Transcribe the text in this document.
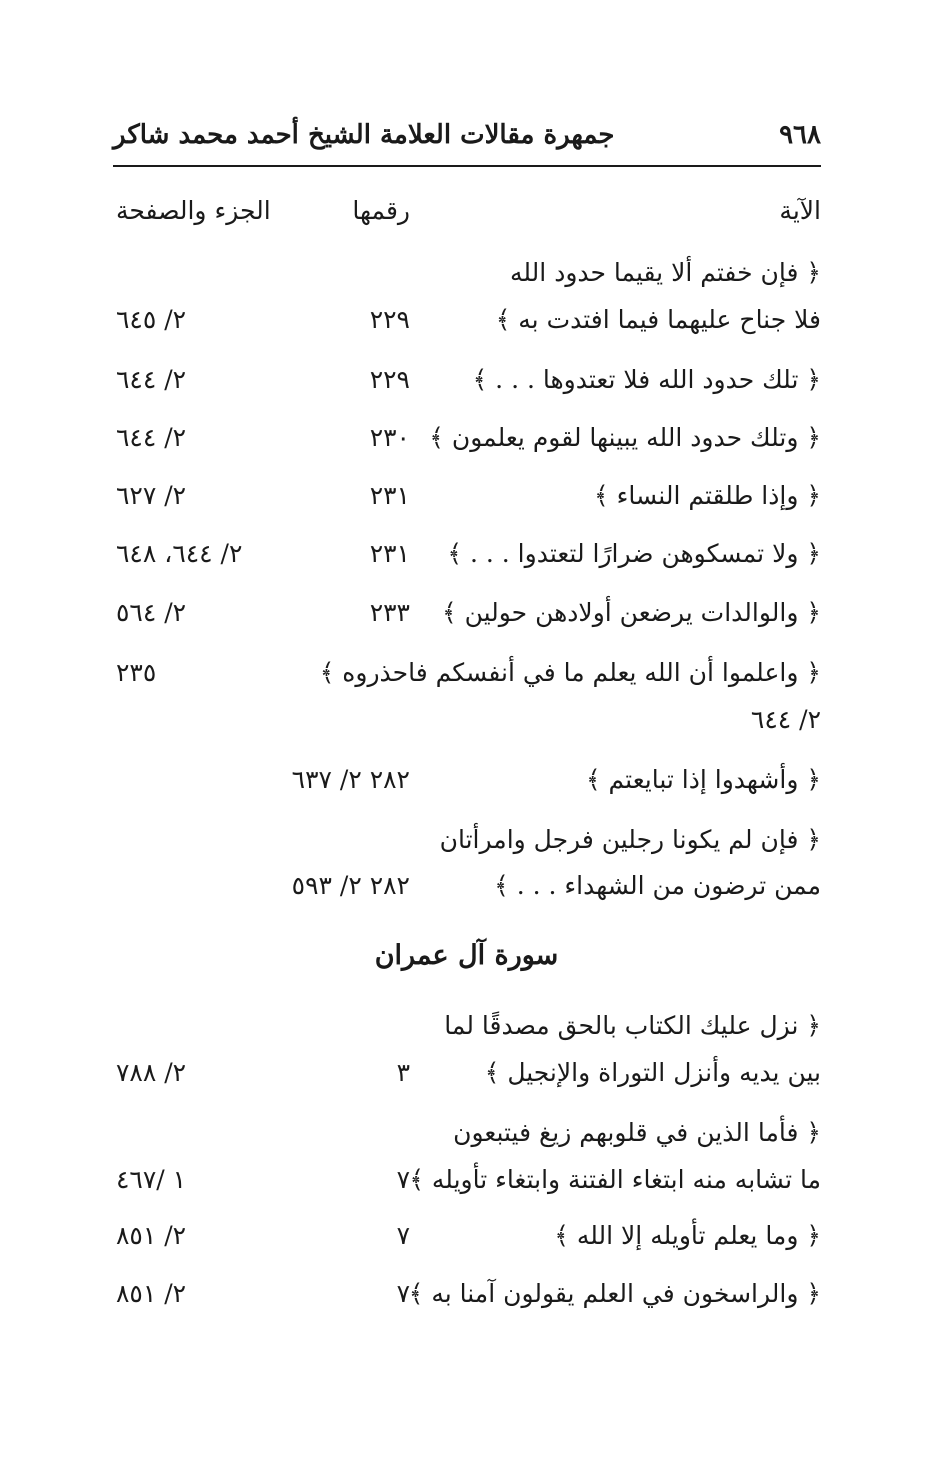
جمهرة مقالات العلامة الشيخ أحمد محمد شاكر	٩٦٨
الآية
رقمها
الجزء والصفحة
﴿ فإن خفتم ألا يقيما حدود الله
فلا جناح عليهما فيما افتدت به ﴾
٢٢٩
٢/ ٦٤٥
﴿ تلك حدود الله فلا تعتدوها . . . ﴾
٢٢٩
٢/ ٦٤٤
﴿ وتلك حدود الله يبينها لقوم يعلمون ﴾
٢٣٠
٢/ ٦٤٤
﴿ وإذا طلقتم النساء ﴾
٢٣١
٢/ ٦٢٧
﴿ ولا تمسكوهن ضرارًا لتعتدوا . . . ﴾
٢٣١
٢/ ٦٤٤، ٦٤٨
﴿ والوالدات يرضعن أولادهن حولين ﴾
٢٣٣
٢/ ٥٦٤
﴿ واعلموا أن الله يعلم ما في أنفسكم فاحذروه ﴾
٢٣٥
٢/ ٦٤٤
﴿ وأشهدوا إذا تبايعتم ﴾
٢٨٢ ٢/ ٦٣٧
﴿ فإن لم يكونا رجلين فرجل وامرأتان
ممن ترضون من الشهداء . . . ﴾
٢٨٢ ٢/ ٥٩٣
سورة آل عمران
﴿ نزل عليك الكتاب بالحق مصدقًا لما
بين يديه وأنزل التوراة والإنجيل ﴾
٣
٢/ ٧٨٨
﴿ فأما الذين في قلوبهم زيغ فيتبعون
ما تشابه منه ابتغاء الفتنة وابتغاء تأويله ﴾
٧
١ /٤٦٧
﴿ وما يعلم تأويله إلا الله ﴾
٧
٢/ ٨٥١
﴿ والراسخون في العلم يقولون آمنا به ﴾
٧
٢/ ٨٥١
